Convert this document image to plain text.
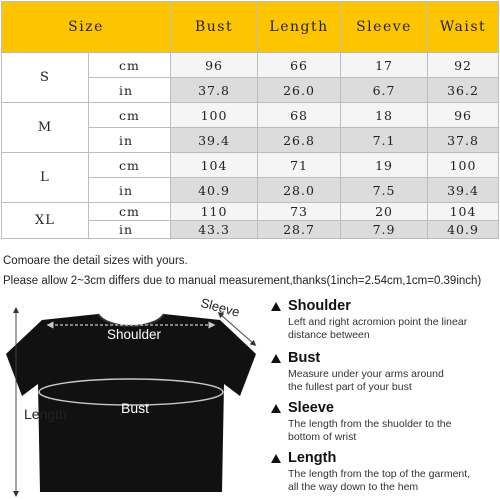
Size		Bust	Length	Sleeve	Waist
S	cm	96	66	17	92
	in	37.8	26.0	6.7	36.2
M	cm	100	68	18	96
	in	39.4	26.8	7.1	37.8
L	cm	104	71	19	100
	in	40.9	28.0	7.5	39.4
XL	cm	110	73	20	104
	in	43.3	28.7	7.9	40.9
Comoare the detail sizes with yours.
Please allow 2~3cm differs due to manual measurement,thanks(1inch=2.54cm,1cm=0.39inch)
Sleeve
Shoulder
Bust
Length
Shoulder
Left and right acromion point the linear
distance between
Bust
Measure under your arms around
the fullest part of your bust
Sleeve
The length from the shuolder to the
bottom of wrist
Length
The length from the top of the garment,
all the way down to the hem
